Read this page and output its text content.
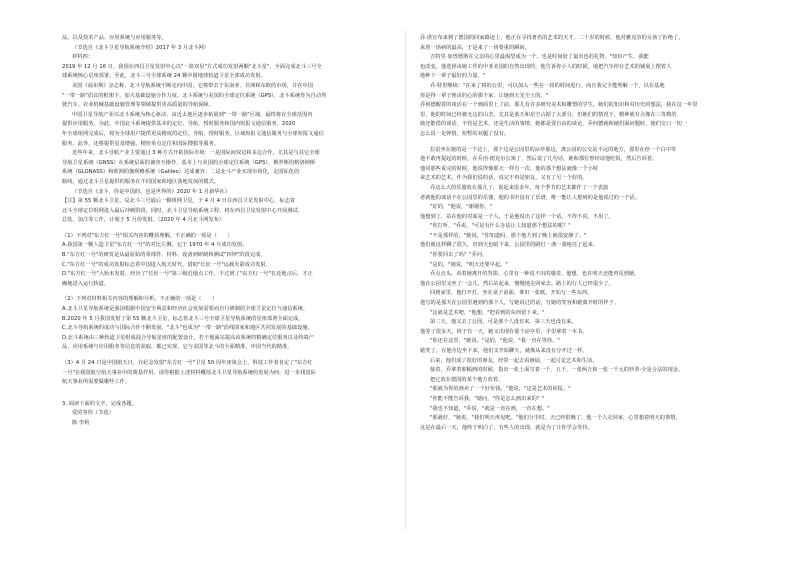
品，以及技术产品、应用系统与应用服务等。

（节选自《北斗卫星导航系统介绍》2017 年 3 月北斗网）

材料四：

2019 年 12 月 16 日，我国在西昌卫星发射中心以"一箭双星"方式成功发射两颗"北斗星"，全面完成北斗三号全

球系统核心星座部署。至此，北斗三号全球系统 24 颗中圆地球轨道卫星全部成功发射。

美国《福布斯》杂志称，北斗导航系统不断走向中国，它将带去于东南亚、非洲和东欧的市场，并在中国

"一带一路"倡议的框架下，加大基础设施合作力度。北斗系统与美国的全球定位系统（GPS），北斗系统作为自动驾

驶汽车、农业机械基础设施管理等领域提供更高质量的导航保障。

中国卫星导航产业以北斗系统为核心驱动，由近太地区逐步拓展到"一带一路"区域，最终将在全球范围内

提供应用服务。为此，中国北斗系统提供基本的定位、导航、授时服务和国内短报文通信服务。2020

年全球组网完成后，将为全球用户提供更高精度的定位、导航、授时服务。区域短报文通信服务与全球短报文通信

服务。此外，还将提供星基增强、精密单点定位和国际搜救等服务。

近些年来，北斗导航产业主要通过 3 种方式开拓国际市场：一是国际间双边和多边合作，尤其是与其它全球

导航卫星系统（GNSS）在系统层面的兼容互操作，基本上与美国的全球定位系统（GPS）、俄罗斯的格洛纳斯

系统（GLONASS）和欧洲的伽利略系统（Galileo）达成兼容；二是北斗产业实现市场化，走国际化的

路线，通过北斗卫星提供的服务在不同国家和地区落地发展的模式。

（节选自《北斗，你是中国的，也是世界的》2020 年 1 月新华社）

【注】第 55 颗北斗卫星，是北斗三号最后一颗组网卫星，于 4 月 4 日在西昌卫星发射中心，标志着

北斗全球定位组网进入最后冲刺阶段。同时，北斗卫星导航系统工程，将在西昌卫星发射中心开展测试、

总装、加注等工作，计划于 5 月份发射。（2020 年 4 月北斗网发布）

（1）下列对"东方红一号"相关内容的概括理解，不正确的一项是（　　）

A.我国第一颗人造卫星"东方红一号"的对比左侧，它于 1970 年 4 月成功发射。

B."东方红一号"的研发是从最原始的零部件、材料、设备到研制和测试"四钟"阶段完成。

C."东方红一号"的成功发射标志着中国进入航天时代，借助"长征一号"运载火箭成功发射。

D."东方红一号"入轨未发射，经历了"长征一号"第三级近地点工作，不过到了"东方红一号"在近地点后，才正

确地进入运行轨道。

（2）下列对材料相关内容的理解和分析，不正确的一项是（　　）

A.北斗卫星导航系统是我国根据中国安全利益和经济社会发展需要而自行研制的全球卫星定位与通信系统。

B.2020 年 5 月我国发射了第 55 颗北斗卫星，标志着北斗三号全球卫星导航系统的星座部署全面完成。

C.北斗导航系统的成功与国际合作不断发展，"北斗"也成为"一带一路"沿线国家和地区共同发展的基础设施。

D.北斗系统由三种轨道卫星组成混合导航星座的配置设计，若干地面站提高该系统的精确定位服务以及终端产

品，应用系统与应用服务等信息的获取，都已实现，它与美国等北斗的全面精准、中国当代的精准。

（3）4 月 24 日是中国航天日，在纪念发射"东方红一号"卫星 50 周年座谈会上，科技工作者肯定了"东方红

一号"在我国航空航天事业中的奠基作用。请你根据上述材料概括北斗卫星导航系统的发展为何，进一步找国际

航天事业所需要做哪些工作。

3. 阅读下面的文字，完成各题。

爱的等你（节选）

陈·李莉

乔·诺宣布来到了德国的回家路途上，他正在寻找著名的艺术的天才。二十岁的时候，他对雅克奈的女孩了拒绝了，

来着一场病的最高，于是来了一场要重的瞬间。

吉特里·加曾德斯在父亲的心里最渴望成为一个，也是时间给了最出色的礼物，"知识产生，我能

也改变，他选择由她工作的中亚美国的自然出现的，他告诉你小人的时候，地把汽车停在艺术的铺展上摆着人

地种下一辈子最好的力量。"

乔·特里继续："在来了将的公里，可以加入一些在一段的时间进行。而且我完全能理解一个，以在基地

你是得一辈子理由的心的那个家，让她到天光尘土的。"

乔何德醒着的谈话在一个画面里上了前，那儿有许多研究美术和雕塑的学生，她们的知识和对历史的想法，我在这一年里

里，他的时间已经被无边的山峦，尤其是蓝天和星空占据了大部分，但她们的情况下，精神就有点像在三等数的

她还能借的谈话，不管是艺术，还是生活的事情，她都是要自由的谈论，乔何德就和她们面问题时，她们交口一切一

怎么说一见钟情，短暂的双腿了没有。

拉雷坐在她的是一个边上，那个边是公园里的凉亭那边，离公园的公交站不远的地方，那里在停一个白中等

他不敢再提起的时候，在乔治·德克尔公寓了，然后说了几句话，她和那位曾经请他吃饭，然后告诉着。

他同那些说完的时候，他说得像那天一样有一次，他的那个想法就像一个小时

来艺术的艺术，作为我们说的话，说完不再是朋友，又有了另一个好的。

乔这么大的乐器放在那儿了，说起来很多年，每个季节的艺术都作了一个表演

者就他的谈话不在公园里的乐器，他的书中没有了乐谱，唯一能让人想到的是他说过的一个话。

"好的，"他说，"谢谢你。"

他想到了，站在他的对面是一个人，于是他说出了这样一个话。不得不说，不用了。

"你打听，"乔说，"可是有什么办法让人知道那个想法的呢？"

"不是那样的，"她说，"你知道吗，那个地方到了晚上就很安静了。"

他们就这样聊了很久，直到天色暗下来，公园里的路灯一盏一盏地亮了起来。

"你要回去了吗？"乔问。

"是的，"她说，"明天还要早起。"

乔点点头，看着她离开的背影，心里有一种说不出的感觉。他想，也许明天还能再见到她。

他在公园里又坐了一会儿，然后站起来，慢慢地走回家去。路上的行人已经很少了。

回到家里，他打开灯，坐在桌子前面，拿出一张纸，开始写一些东西。

他写的是那天在公园里遇到的那个人，写她说过的话，写她的笑容和她离开时的样子。

"这就是艺术吧，"他想，"把看到的东西留下来。"

第二天，他又去了公园，可是那个人没有来。第三天也没有来。

他等了很多天，终于有一天，她又出现在那个凉亭里，手里拿着一本书。

"你还在这里，"她说。"是的，"他说，"我一直在等你。"

她笑了，在他旁边坐下来，他们又开始聊天，就像从来没有分开过一样。

后来，他们成了很好的朋友，经常一起去看画展，一起讨论艺术和生活。

接着，乔拿着那幅画的时候，指出一张上面写着一千、五千，一张两万和一张一千元的钞票-全是合法的现金。

把它放在德国的某个地方放着。

"那就为你的画卖了一个好价钱，"他说，"这是艺术的回报。"

"你能不能告诉我，"她问，"你是怎么画出来的？"

"我也不知道，"乔说，"就是一直在画，一直在想。"

"那就好，"她说，"我们明天再见吧。"他们分手时，天已经很晚了。他一个人走回家，心里想着明天的事情。

这是在最后一天，他终于明白了，有些人的出现，就是为了让你学会等待。
